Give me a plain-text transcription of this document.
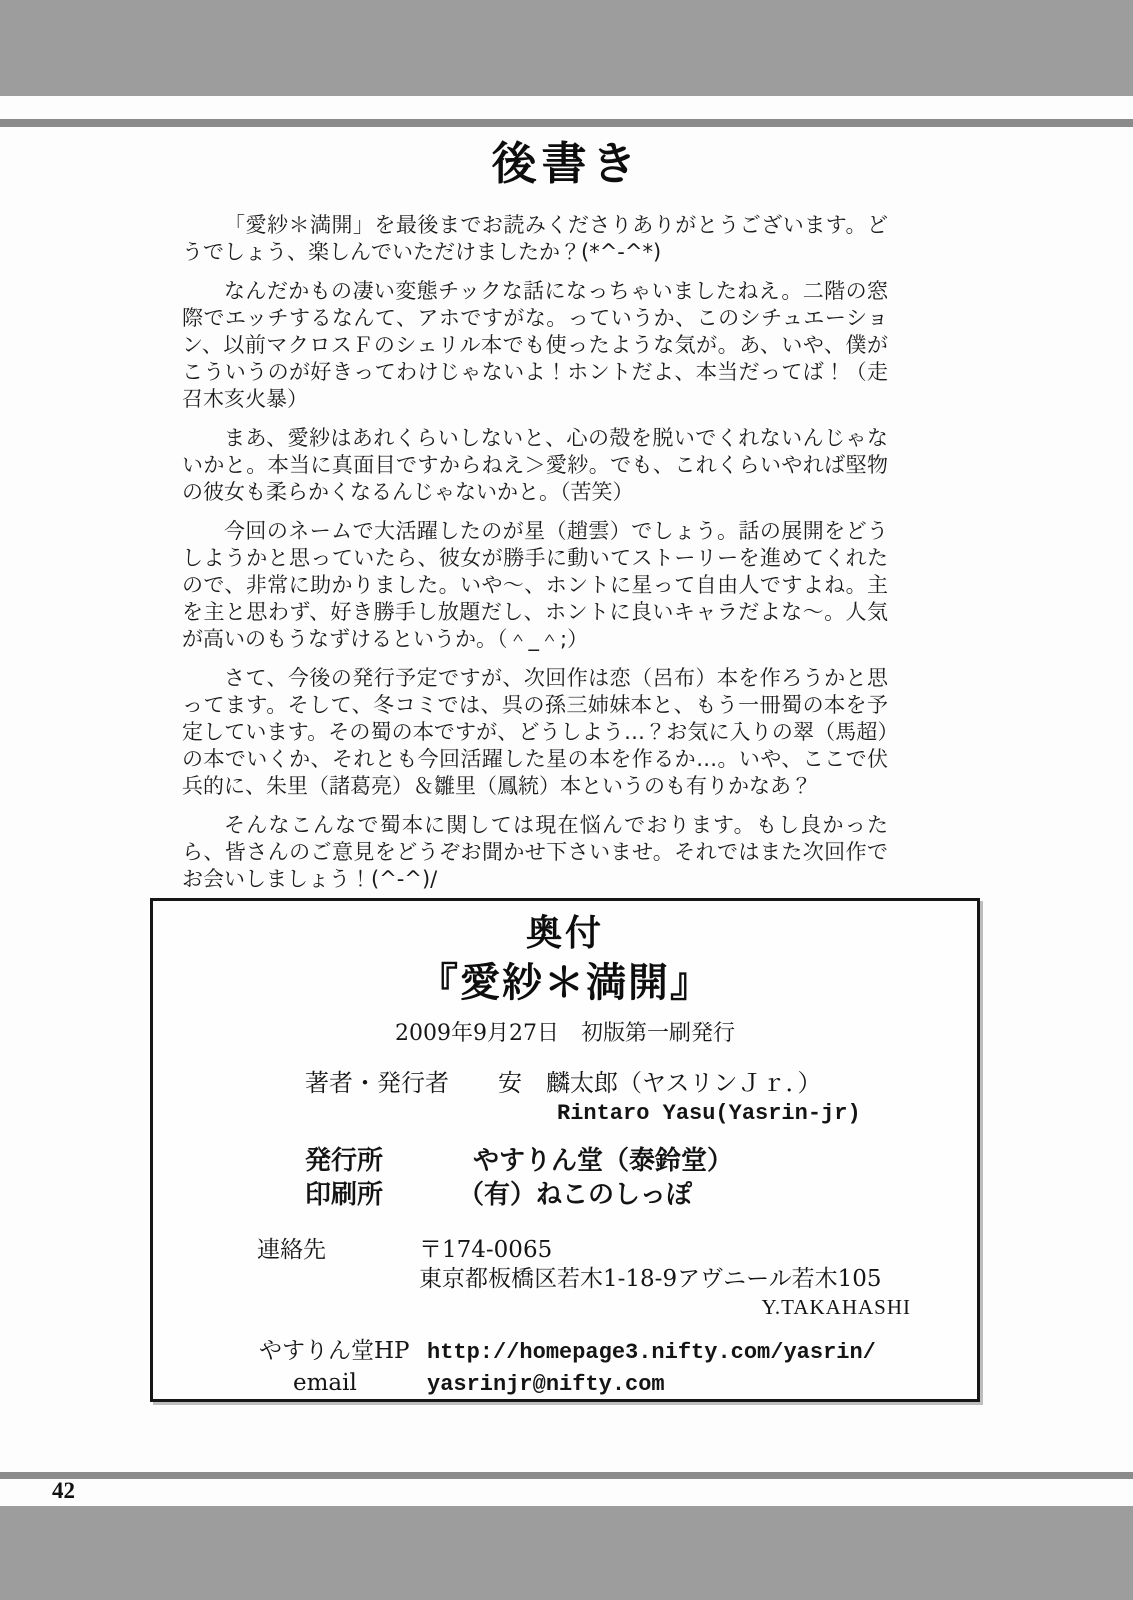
後書き

「愛紗＊満開」を最後までお読みくださりありがとうございます。どうでしょう、楽しんでいただけましたか？(*^-^*)

なんだかもの凄い変態チックな話になっちゃいましたねえ。二階の窓際でエッチするなんて、アホですがな。っていうか、このシチュエーション、以前マクロスＦのシェリル本でも使ったような気が。あ、いや、僕がこういうのが好きってわけじゃないよ！ホントだよ、本当だってば！（走召木亥火暴）

まあ、愛紗はあれくらいしないと、心の殻を脱いでくれないんじゃないかと。本当に真面目ですからねえ＞愛紗。でも、これくらいやれば堅物の彼女も柔らかくなるんじゃないかと。（苦笑）

今回のネームで大活躍したのが星（趙雲）でしょう。話の展開をどうしようかと思っていたら、彼女が勝手に動いてストーリーを進めてくれたので、非常に助かりました。いや～、ホントに星って自由人ですよね。主を主と思わず、好き勝手し放題だし、ホントに良いキャラだよな～。人気が高いのもうなずけるというか。（＾_＾;）

さて、今後の発行予定ですが、次回作は恋（呂布）本を作ろうかと思ってます。そして、冬コミでは、呉の孫三姉妹本と、もう一冊蜀の本を予定しています。その蜀の本ですが、どうしよう…？お気に入りの翠（馬超）の本でいくか、それとも今回活躍した星の本を作るか…。いや、ここで伏兵的に、朱里（諸葛亮）＆雛里（鳳統）本というのも有りかなあ？

そんなこんなで蜀本に関しては現在悩んでおります。もし良かったら、皆さんのご意見をどうぞお聞かせ下さいませ。それではまた次回作でお会いしましょう！(^-^)/

奥付
『愛紗＊満開』
2009年9月27日　初版第一刷発行
著者・発行者	安　麟太郎（ヤスリンＪｒ．）
Rintaro Yasu(Yasrin-jr)
発行所	やすりん堂（泰鈴堂）
印刷所	（有）ねこのしっぽ
連絡先	〒174-0065
東京都板橋区若木1-18-9アヴニール若木105
Y.TAKAHASHI
やすりん堂HP http://homepage3.nifty.com/yasrin/
email	yasrinjr@nifty.com
42
